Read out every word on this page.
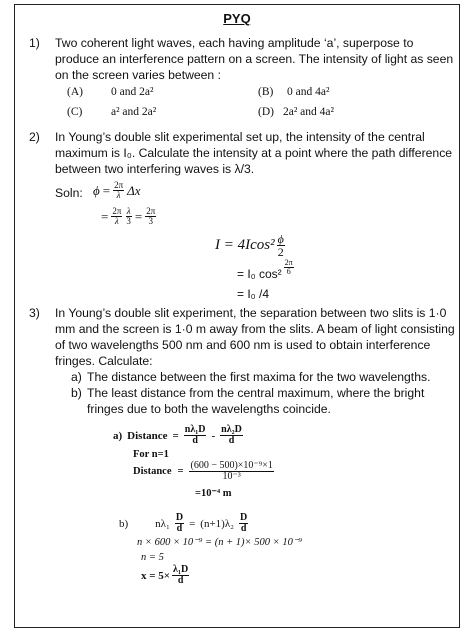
PYQ
1) Two coherent light waves, each having amplitude ‘a’, superpose to
produce an interference pattern on a screen. The intensity of light as seen
on the screen varies between :
(A) 0 and 2a²	(B) 0 and 4a²
(C) a² and 2a²	(D) 2a² and 4a²
2) In Young’s double slit experimental set up, the intensity of the central
maximum is I₀. Calculate the intensity at a point where the path difference
between two interfering waves is λ/3.
Soln: $\phi = \frac{2\pi}{\lambda}$ Δx
= $\frac{2\pi}{\lambda} \frac{\lambda}{3} = \frac{2\pi}{3}$
$I = 4Icos^2 \frac{\phi}{2}$
= I₀ $\cos^2 \frac{2\pi}{6}$
= I₀ /4
3) In Young’s double slit experiment, the separation between two slits is 1·0
mm and the screen is 1·0 m away from the slits. A beam of light consisting
of two wavelengths 500 nm and 600 nm is used to obtain interference
fringes. Calculate:
a) The distance between the first maxima for the two wavelengths.
b) The least distance from the central maximum, where the bright
fringes due to both the wavelengths coincide.
a) Distance = $\frac{\text{nλ₁D}}{d} - \frac{\text{nλ₂D}}{d}$
For n=1
Distance = $\frac{\text{(600 − 500)×10⁻⁹×1}}{\text{10⁻³}}$
=10⁻⁴ m
b) $n\lambda_1 \frac{D}{d} = (n+1)\lambda_2 \frac{D}{d}$
n × 600 × 10⁻⁹ = (n + 1)× 500 × 10⁻⁹
n = 5
$x = 5\times \frac{\text{λ₁D}}{d}$
